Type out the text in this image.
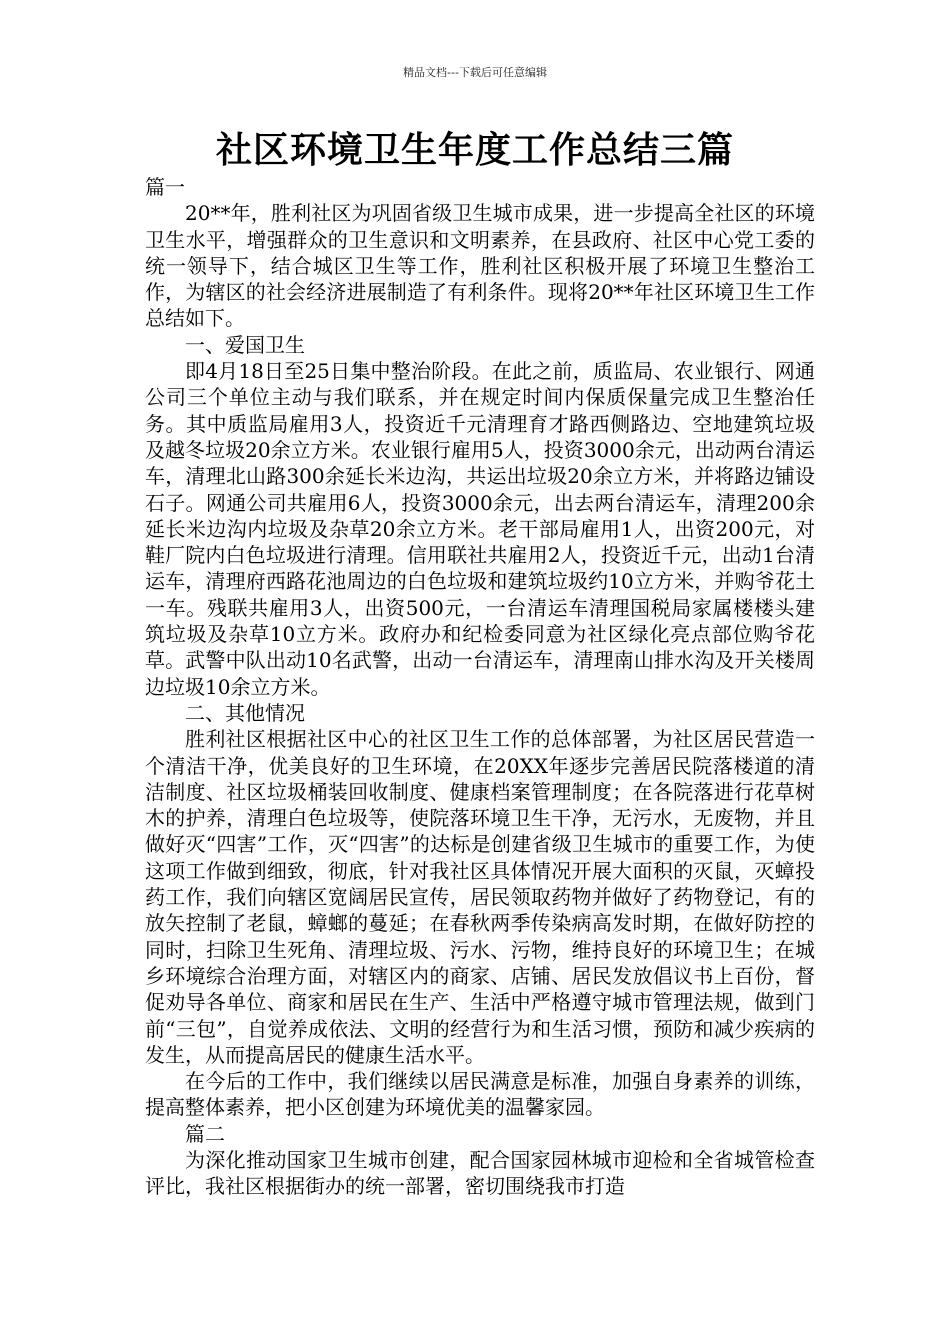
精品文档---下载后可任意编辑
社区环境卫生年度工作总结三篇

篇一

20**年，胜利社区为巩固省级卫生城市成果，进一步提高全社区的环境卫生水平，增强群众的卫生意识和文明素养，在县政府、社区中心党工委的统一领导下，结合城区卫生等工作，胜利社区积极开展了环境卫生整治工作，为辖区的社会经济进展制造了有利条件。现将20**年社区环境卫生工作总结如下。

一、爱国卫生

即4月18日至25日集中整治阶段。在此之前，质监局、农业银行、网通公司三个单位主动与我们联系，并在规定时间内保质保量完成卫生整治任务。其中质监局雇用3人，投资近千元清理育才路西侧路边、空地建筑垃圾及越冬垃圾20余立方米。农业银行雇用5人，投资3000余元，出动两台清运车，清理北山路300余延长米边沟，共运出垃圾20余立方米，并将路边铺设石子。网通公司共雇用6人，投资3000余元，出去两台清运车，清理200余延长米边沟内垃圾及杂草20余立方米。老干部局雇用1人，出资200元，对鞋厂院内白色垃圾进行清理。信用联社共雇用2人，投资近千元，出动1台清运车，清理府西路花池周边的白色垃圾和建筑垃圾约10立方米，并购爷花土一车。残联共雇用3人，出资500元，一台清运车清理国税局家属楼楼头建筑垃圾及杂草10立方米。政府办和纪检委同意为社区绿化亮点部位购爷花草。武警中队出动10名武警，出动一台清运车，清理南山排水沟及开关楼周边垃圾10余立方米。

二、其他情况

胜利社区根据社区中心的社区卫生工作的总体部署，为社区居民营造一个清洁干净，优美良好的卫生环境，在20XX年逐步完善居民院落楼道的清洁制度、社区垃圾桶装回收制度、健康档案管理制度；在各院落进行花草树木的护养，清理白色垃圾等，使院落环境卫生干净，无污水，无废物，并且做好灭“四害”工作，灭“四害”的达标是创建省级卫生城市的重要工作，为使这项工作做到细致，彻底，针对我社区具体情况开展大面积的灭鼠，灭蟑投药工作，我们向辖区宽阔居民宣传，居民领取药物并做好了药物登记，有的放矢控制了老鼠，蟑螂的蔓延；在春秋两季传染病高发时期，在做好防控的同时，扫除卫生死角、清理垃圾、污水、污物，维持良好的环境卫生；在城乡环境综合治理方面，对辖区内的商家、店铺、居民发放倡议书上百份，督促劝导各单位、商家和居民在生产、生活中严格遵守城市管理法规，做到门前“三包”，自觉养成依法、文明的经营行为和生活习惯，预防和减少疾病的发生，从而提高居民的健康生活水平。

在今后的工作中，我们继续以居民满意是标准，加强自身素养的训练，提高整体素养，把小区创建为环境优美的温馨家园。

篇二

为深化推动国家卫生城市创建，配合国家园林城市迎检和全省城管检查评比，我社区根据街办的统一部署，密切围绕我市打造
